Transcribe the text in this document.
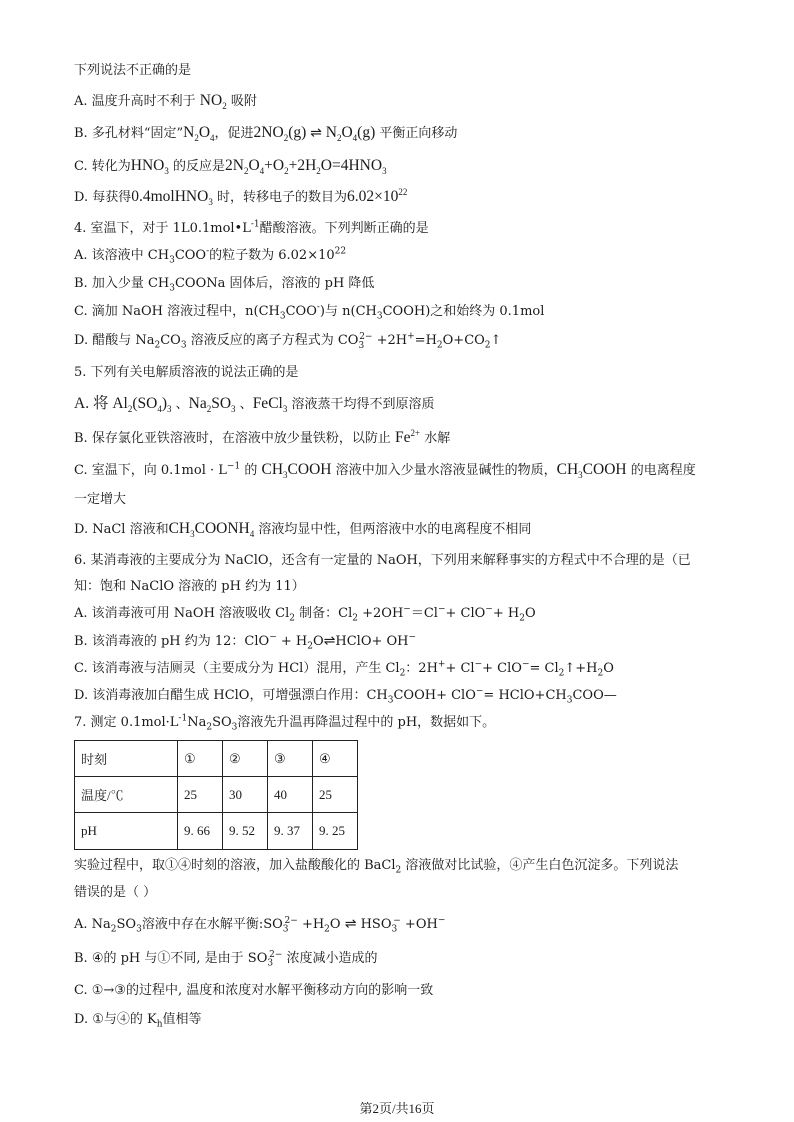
下列说法不正确的是
A. 温度升高时不利于 $NO_2$ 吸附
B. 多孔材料“固定$”N_2O_4$，促进$2NO_2(g)$ ⇌ $N_2O_4(g)$ 平衡正向移动
C. 转化为$HNO_3$ 的反应是$2N_2O_4+O_2+2H_2O=4HNO_3$
D. 每获得0.4molHNO$_3$ 时，转移电子的数目为$6.02\times 10^{22}$
4. 室温下，对于 $1L0.1mol•L^{-1}$醋酸溶液。下列判断正确的是
A. 该溶液中 $CH_3COO^-$的粒子数为 $6.02\times 10^{22}$
B. 加入少量 $CH_3COONa$ 固体后，溶液的 pH 降低
C. 滴加 NaOH 溶液过程中，$n(CH_3COO^-)$与 $n(CH_3COOH)$之和始终为 0.1mol
D. 醋酸与 $Na_2CO_3$ 溶液反应的离子方程式为 $CO_3^{2-}$ $+2H^+=H_2O+CO_2↑$
5. 下列有关电解质溶液的说法正确的是
A. 将 $Al_2(SO_4)_3$ 、$Na_2SO_3$ 、FeCl$_3$ 溶液蒸干均得不到原溶质
B. 保存氯化亚铁溶液时，在溶液中放少量铁粉，以防止 $Fe^{2+}$ 水解
C. 室温下，向 $0.1mol \cdot L^{-1}$ 的 $CH_3COOH$ 溶液中加入少量水溶液显碱性的物质，$CH_3COOH$ 的电离程度
一定增大
D. NaCl 溶液和$CH_3COONH_4$ 溶液均显中性，但两溶液中水的电离程度不相同
6. 某消毒液的主要成分为 NaClO，还含有一定量的 NaOH，下列用来解释事实的方程式中不合理的是（已
知：饱和 NaClO 溶液的 pH 约为 11）
A. 该消毒液可用 NaOH 溶液吸收 $Cl_2$ 制备：$Cl_2 +2OH^-=Cl^-+ ClO^-+ H_2O$
B. 该消毒液的 pH 约为 12：$ClO^- + H_2O\rightleftharpoons HClO+ OH^-$
C. 该消毒液与洁厕灵（主要成分为 HCl）混用，产生 $Cl_2$：$2H^++ Cl^-+ ClO^-= Cl_2↑+H_2O$
D. 该消毒液加白醋生成 HClO，可增强漂白作用：$CH_3COOH+ ClO^-=$ $HClO+CH_3COO—$
7. 测定 $0.1mol\cdot L^{-1}Na_2SO_3$溶液先升温再降温过程中的 pH，数据如下。
时刻	①	②	③	④
温度/℃	25	30	40	25
pH	9. 66	9. 52	9. 37	9. 25
实验过程中，取①④时刻的溶液，加入盐酸酸化的 BaCl$_2$ 溶液做对比试验，④产生白色沉淀多。下列说法
错误的是（ ）
A. $Na_2SO_3$溶液中存在水解平衡$:SO_3^{2-} +H_2O$ ⇌ $HSO_3^- +OH^-$
B. ④的 pH 与①不同, 是由于 $SO_3^{2-}$ 浓度减小造成的
C. ①→③的过程中, 温度和浓度对水解平衡移动方向的影响一致
D. ①与④的 $K_h$值相等
第2页/共16页
